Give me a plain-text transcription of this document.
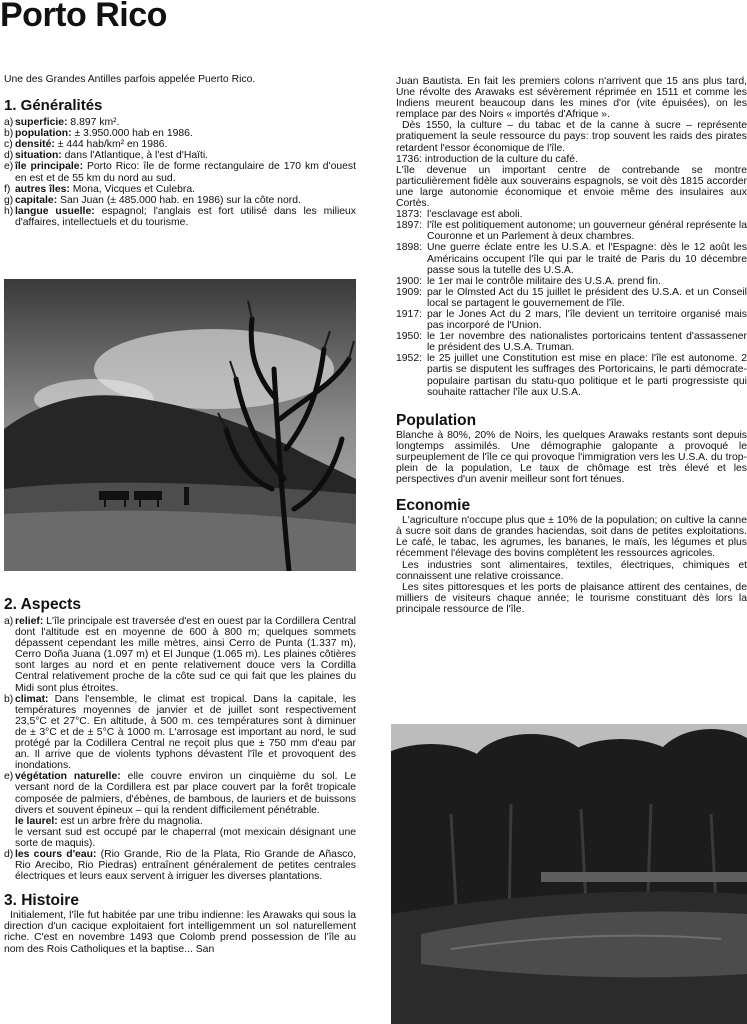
Porto Rico

Une des Grandes Antilles parfois appelée Puerto Rico.

1. Généralités
a) superficie: 8.897 km².
b) population: ± 3.950.000 hab en 1986.
c) densité: ± 444 hab/km² en 1986.
d) situation: dans l'Atlantique, à l'est d'Haïti.
e) île principale: Porto Rico: île de forme rectangulaire de 170 km d'ouest en est et de 55 km du nord au sud.
f) autres îles: Mona, Vicques et Culebra.
g) capitale: San Juan (± 485.000 hab. en 1986) sur la côte nord.
h) langue usuelle: espagnol; l'anglais est fort utilisé dans les milieux d'affaires, intellectuels et du tourisme.
2. Aspects
a) relief: L'île principale est traversée d'est en ouest par la Cordillera Central dont l'altitude est en moyenne de 600 à 800 m; quelques sommets dépassent cependant les mille mètres, ainsi Cerro de Punta (1.337 m), Cerro Doña Juana (1.097 m) et El Junque (1.065 m). Les plaines côtières sont larges au nord et en pente relativement douce vers la Cordilla Central relativement proche de la côte sud ce qui fait que les plaines du Midi sont plus étroites.
b) climat: Dans l'ensemble, le climat est tropical. Dans la capitale, les températures moyennes de janvier et de juillet sont respectivement 23,5°C et 27°C. En altitude, à 500 m. ces températures sont à diminuer de ± 3°C et de ± 5°C à 1000 m. L'arrosage est important au nord, le sud protégé par la Codillera Central ne reçoit plus que ± 750 mm d'eau par an. Il arrive que de violents typhons dévastent l'île et provoquent des inondations.
e) végétation naturelle: elle couvre environ un cinquième du sol. Le versant nord de la Cordillera est par place couvert par la forêt tropicale composée de palmiers, d'ébènes, de bambous, de lauriers et de buissons divers et souvent épineux – qui la rendent difficilement pénétrable.
le laurel: est un arbre frère du magnolia.
le versant sud est occupé par le chaperral (mot mexicain désignant une sorte de maquis).
d) les cours d'eau: (Rio Grande, Rio de la Plata, Rio Grande de Añasco, Rio Arecibo, Rio Piedras) entraînent généralement de petites centrales électriques et leurs eaux servent à irriguer les diverses plantations.
3. Histoire

Initialement, l'île fut habitée par une tribu indienne: les Arawaks qui sous la direction d'un cacique exploitaient fort intelligemment un sol naturellement riche. C'est en novembre 1493 que Colomb prend possession de l'île au nom des Rois Catholiques et la baptise... San

Juan Bautista. En fait les premiers colons n'arrivent que 15 ans plus tard, Une révolte des Arawaks est sévèrement réprimée en 1511 et comme les Indiens meurent beaucoup dans les mines d'or (vite épuisées), on les remplace par des Noirs « importés d'Afrique ».

Dès 1550, la culture – du tabac et de la canne à sucre – représente pratiquement la seule ressource du pays: trop souvent les raids des pirates retardent l'essor économique de l'île.

1736: introduction de la culture du café.

L'île devenue un important centre de contrebande se montre particulièrement fidèle aux souverains espagnols, se voit dès 1815 accorder une large autonomie économique et envoie même des insulaires aux Cortès.

1873: l'esclavage est aboli.
1897: l'île est politiquement autonome; un gouverneur général représente la Couronne et un Parlement à deux chambres.
1898: Une guerre éclate entre les U.S.A. et l'Espagne: dès le 12 août les Américains occupent l'île qui par le traité de Paris du 10 décembre passe sous la tutelle des U.S.A.
1900: le 1er mai le contrôle militaire des U.S.A. prend fin.
1909: par le Olmsted Act du 15 juillet le président des U.S.A. et un Conseil local se partagent le gouvernement de l'île.
1917: par le Jones Act du 2 mars, l'île devient un territoire organisé mais pas incorporé de l'Union.
1950: le 1er novembre des nationalistes portoricains tentent d'assassener le président des U.S.A. Truman.
1952: le 25 juillet une Constitution est mise en place: l'île est autonome. 2 partis se disputent les suffrages des Portoricains, le parti démocrate-populaire partisan du statu-quo politique et le parti progressiste qui souhaite rattacher l'île aux U.S.A.
Population

Blanche à 80%, 20% de Noirs, les quelques Arawaks restants sont depuis longtemps assimilés. Une démographie galopante a provoqué le surpeuplement de l'île ce qui provoque l'immigration vers les U.S.A. du trop-plein de la population, Le taux de chômage est très élevé et les perspectives d'un avenir meilleur sont fort ténues.

Economie

L'agriculture n'occupe plus que ± 10% de la population; on cultive la canne à sucre soit dans de grandes haciendas, soit dans de petites exploitations. Le café, le tabac, les agrumes, les bananes, le maïs, les légumes et plus récemment l'élevage des bovins complètent les ressources agricoles.

Les industries sont alimentaires, textiles, électriques, chimiques et connaissent une relative croissance.

Les sites pittoresques et les ports de plaisance attirent des centaines, de milliers de visiteurs chaque année; le tourisme constituant dès lors la principale ressource de l'île.
